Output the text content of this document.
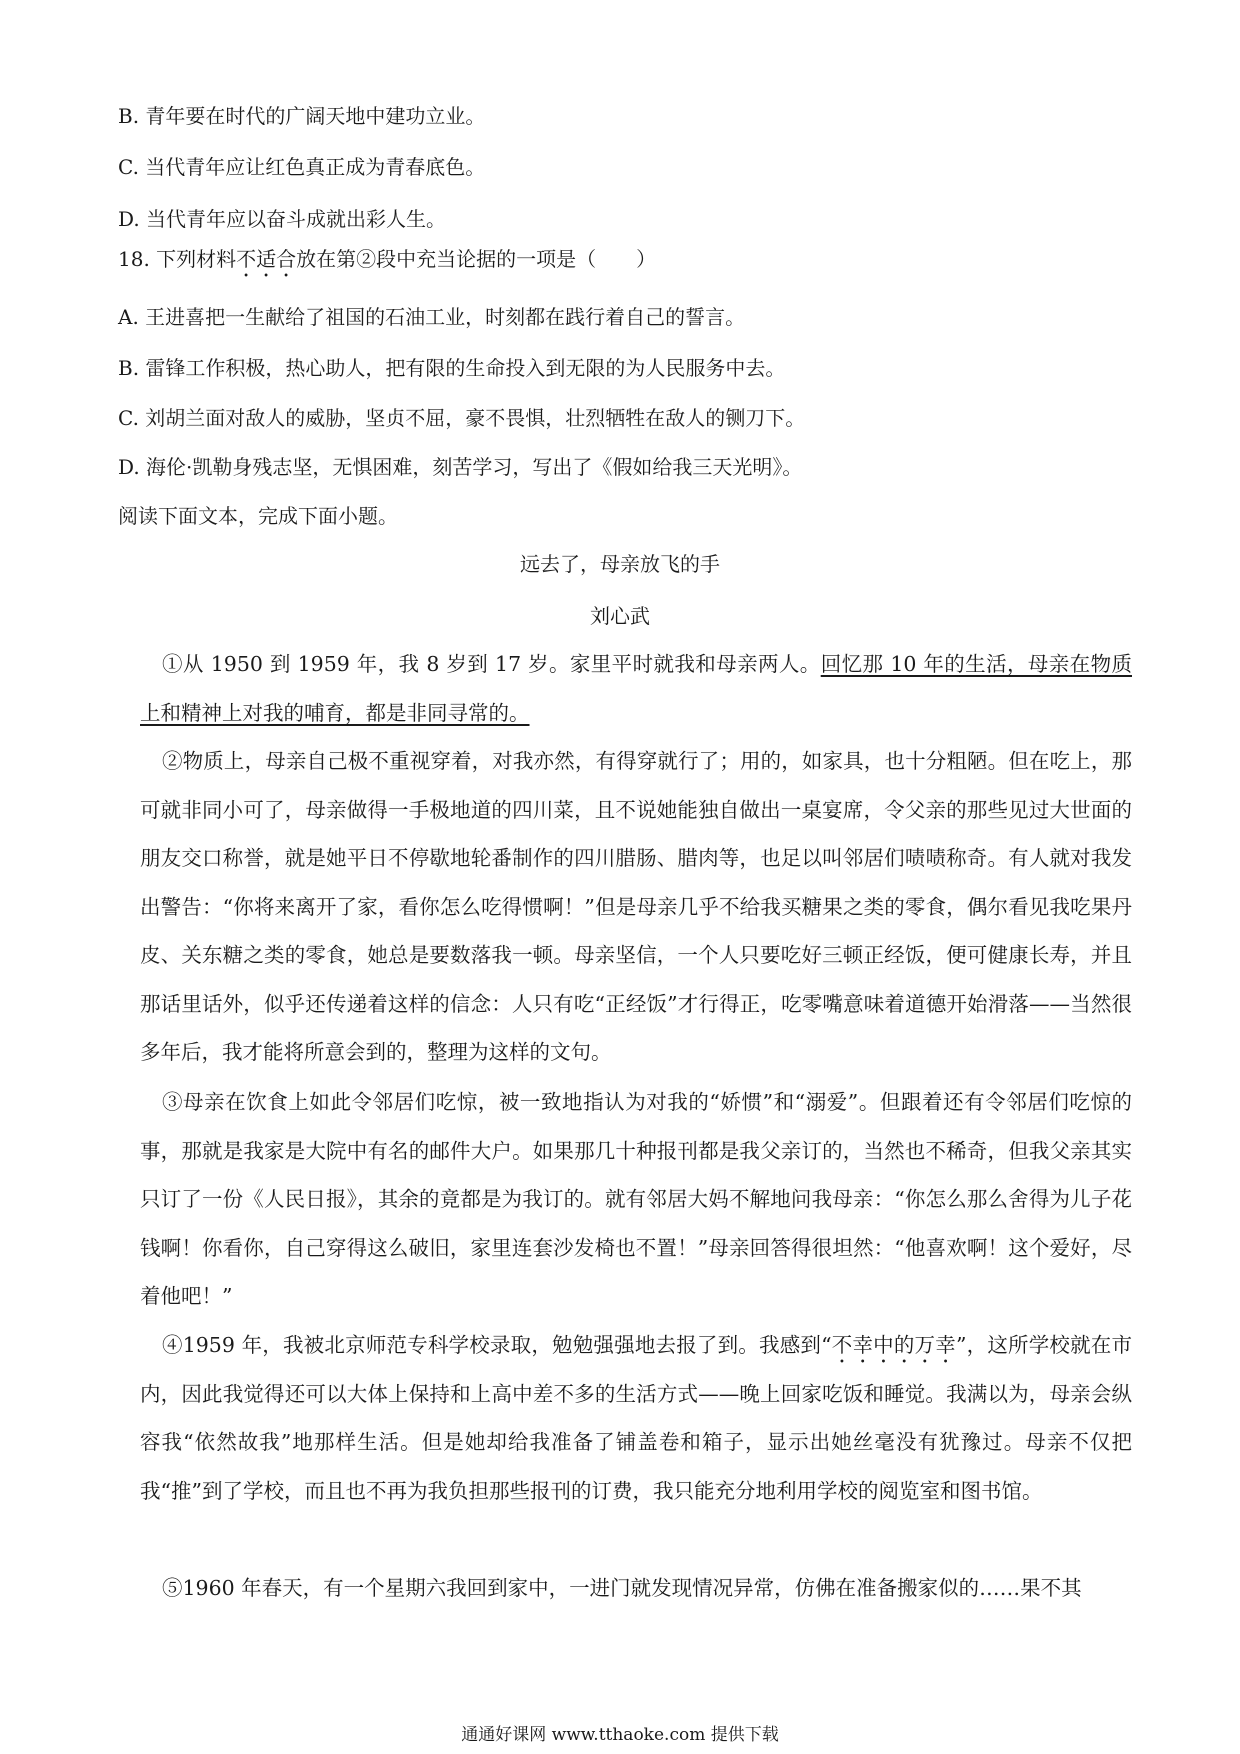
B. 青年要在时代的广阔天地中建功立业。
C. 当代青年应让红色真正成为青春底色。
D. 当代青年应以奋斗成就出彩人生。
18. 下列材料不适合放在第②段中充当论据的一项是（　　）
A. 王进喜把一生献给了祖国的石油工业，时刻都在践行着自己的誓言。
B. 雷锋工作积极，热心助人，把有限的生命投入到无限的为人民服务中去。
C. 刘胡兰面对敌人的威胁，坚贞不屈，豪不畏惧，壮烈牺牲在敌人的铡刀下。
D. 海伦·凯勒身残志坚，无惧困难，刻苦学习，写出了《假如给我三天光明》。
阅读下面文本，完成下面小题。
远去了，母亲放飞的手
刘心武
①从 1950 到 1959 年，我 8 岁到 17 岁。家里平时就我和母亲两人。回忆那 10 年的生活，母亲在物质上和精神上对我的哺育，都是非同寻常的。
②物质上，母亲自己极不重视穿着，对我亦然，有得穿就行了；用的，如家具，也十分粗陋。但在吃上，那可就非同小可了，母亲做得一手极地道的四川菜，且不说她能独自做出一桌宴席，令父亲的那些见过大世面的朋友交口称誉，就是她平日不停歇地轮番制作的四川腊肠、腊肉等，也足以叫邻居们啧啧称奇。有人就对我发出警告：“你将来离开了家，看你怎么吃得惯啊！”但是母亲几乎不给我买糖果之类的零食，偶尔看见我吃果丹皮、关东糖之类的零食，她总是要数落我一顿。母亲坚信，一个人只要吃好三顿正经饭，便可健康长寿，并且那话里话外，似乎还传递着这样的信念：人只有吃“正经饭”才行得正，吃零嘴意味着道德开始滑落——当然很多年后，我才能将所意会到的，整理为这样的文句。
③母亲在饮食上如此令邻居们吃惊，被一致地指认为对我的“娇惯”和“溺爱”。但跟着还有令邻居们吃惊的事，那就是我家是大院中有名的邮件大户。如果那几十种报刊都是我父亲订的，当然也不稀奇，但我父亲其实只订了一份《人民日报》，其余的竟都是为我订的。就有邻居大妈不解地问我母亲：“你怎么那么舍得为儿子花钱啊！你看你，自己穿得这么破旧，家里连套沙发椅也不置！”母亲回答得很坦然：“他喜欢啊！这个爱好，尽着他吧！”
④1959 年，我被北京师范专科学校录取，勉勉强强地去报了到。我感到“不幸中的万幸”，这所学校就在市内，因此我觉得还可以大体上保持和上高中差不多的生活方式——晚上回家吃饭和睡觉。我满以为，母亲会纵容我“依然故我”地那样生活。但是她却给我准备了铺盖卷和箱子，显示出她丝毫没有犹豫过。母亲不仅把我“推”到了学校，而且也不再为我负担那些报刊的订费，我只能充分地利用学校的阅览室和图书馆。
⑤1960 年春天，有一个星期六我回到家中，一进门就发现情况异常，仿佛在准备搬家似的……果不其
通通好课网 www.tthaoke.com 提供下载
